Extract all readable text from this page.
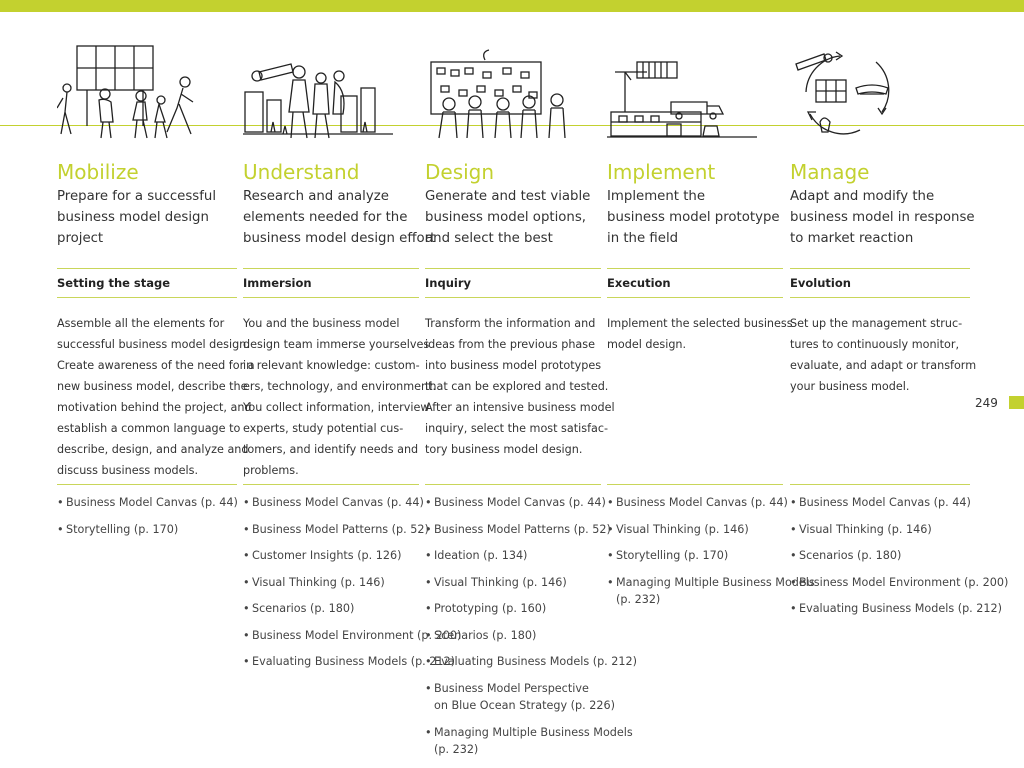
249
Mobilize
Prepare for a successful
business model design
project
Setting the stage
Assemble all the elements for
successful business model design.
Create awareness of the need for a
new business model, describe the
motivation behind the project, and
establish a common language to
describe, design, and analyze and
discuss business models.
• Business Model Canvas (p. 44)
• Storytelling (p. 170)
Understand
Research and analyze
elements needed for the
business model design effort
Immersion
You and the business model
design team immerse yourselves
in relevant knowledge: custom-
ers, technology, and environment.
You collect information, interview
experts, study potential cus-
tomers, and identify needs and
problems.
• Business Model Canvas (p. 44)
• Business Model Patterns (p. 52)
• Customer Insights (p. 126)
• Visual Thinking (p. 146)
• Scenarios (p. 180)
• Business Model Environment (p. 200)
• Evaluating Business Models (p. 212)
Design
Generate and test viable
business model options,
and select the best
Inquiry
Transform the information and
ideas from the previous phase
into business model prototypes
that can be explored and tested.
After an intensive business model
inquiry, select the most satisfac-
tory business model design.
• Business Model Canvas (p. 44)
• Business Model Patterns (p. 52)
• Ideation (p. 134)
• Visual Thinking (p. 146)
• Prototyping (p. 160)
• Scenarios (p. 180)
• Evaluating Business Models (p. 212)
• Business Model Perspective
on Blue Ocean Strategy (p. 226)
• Managing Multiple Business Models
(p. 232)
Implement
Implement the
business model prototype
in the field
Execution
Implement the selected business
model design.
• Business Model Canvas (p. 44)
• Visual Thinking (p. 146)
• Storytelling (p. 170)
• Managing Multiple Business Models
(p. 232)
Manage
Adapt and modify the
business model in response
to market reaction
Evolution
Set up the management struc-
tures to continuously monitor,
evaluate, and adapt or transform
your business model.
• Business Model Canvas (p. 44)
• Visual Thinking (p. 146)
• Scenarios (p. 180)
• Business Model Environment (p. 200)
• Evaluating Business Models (p. 212)
